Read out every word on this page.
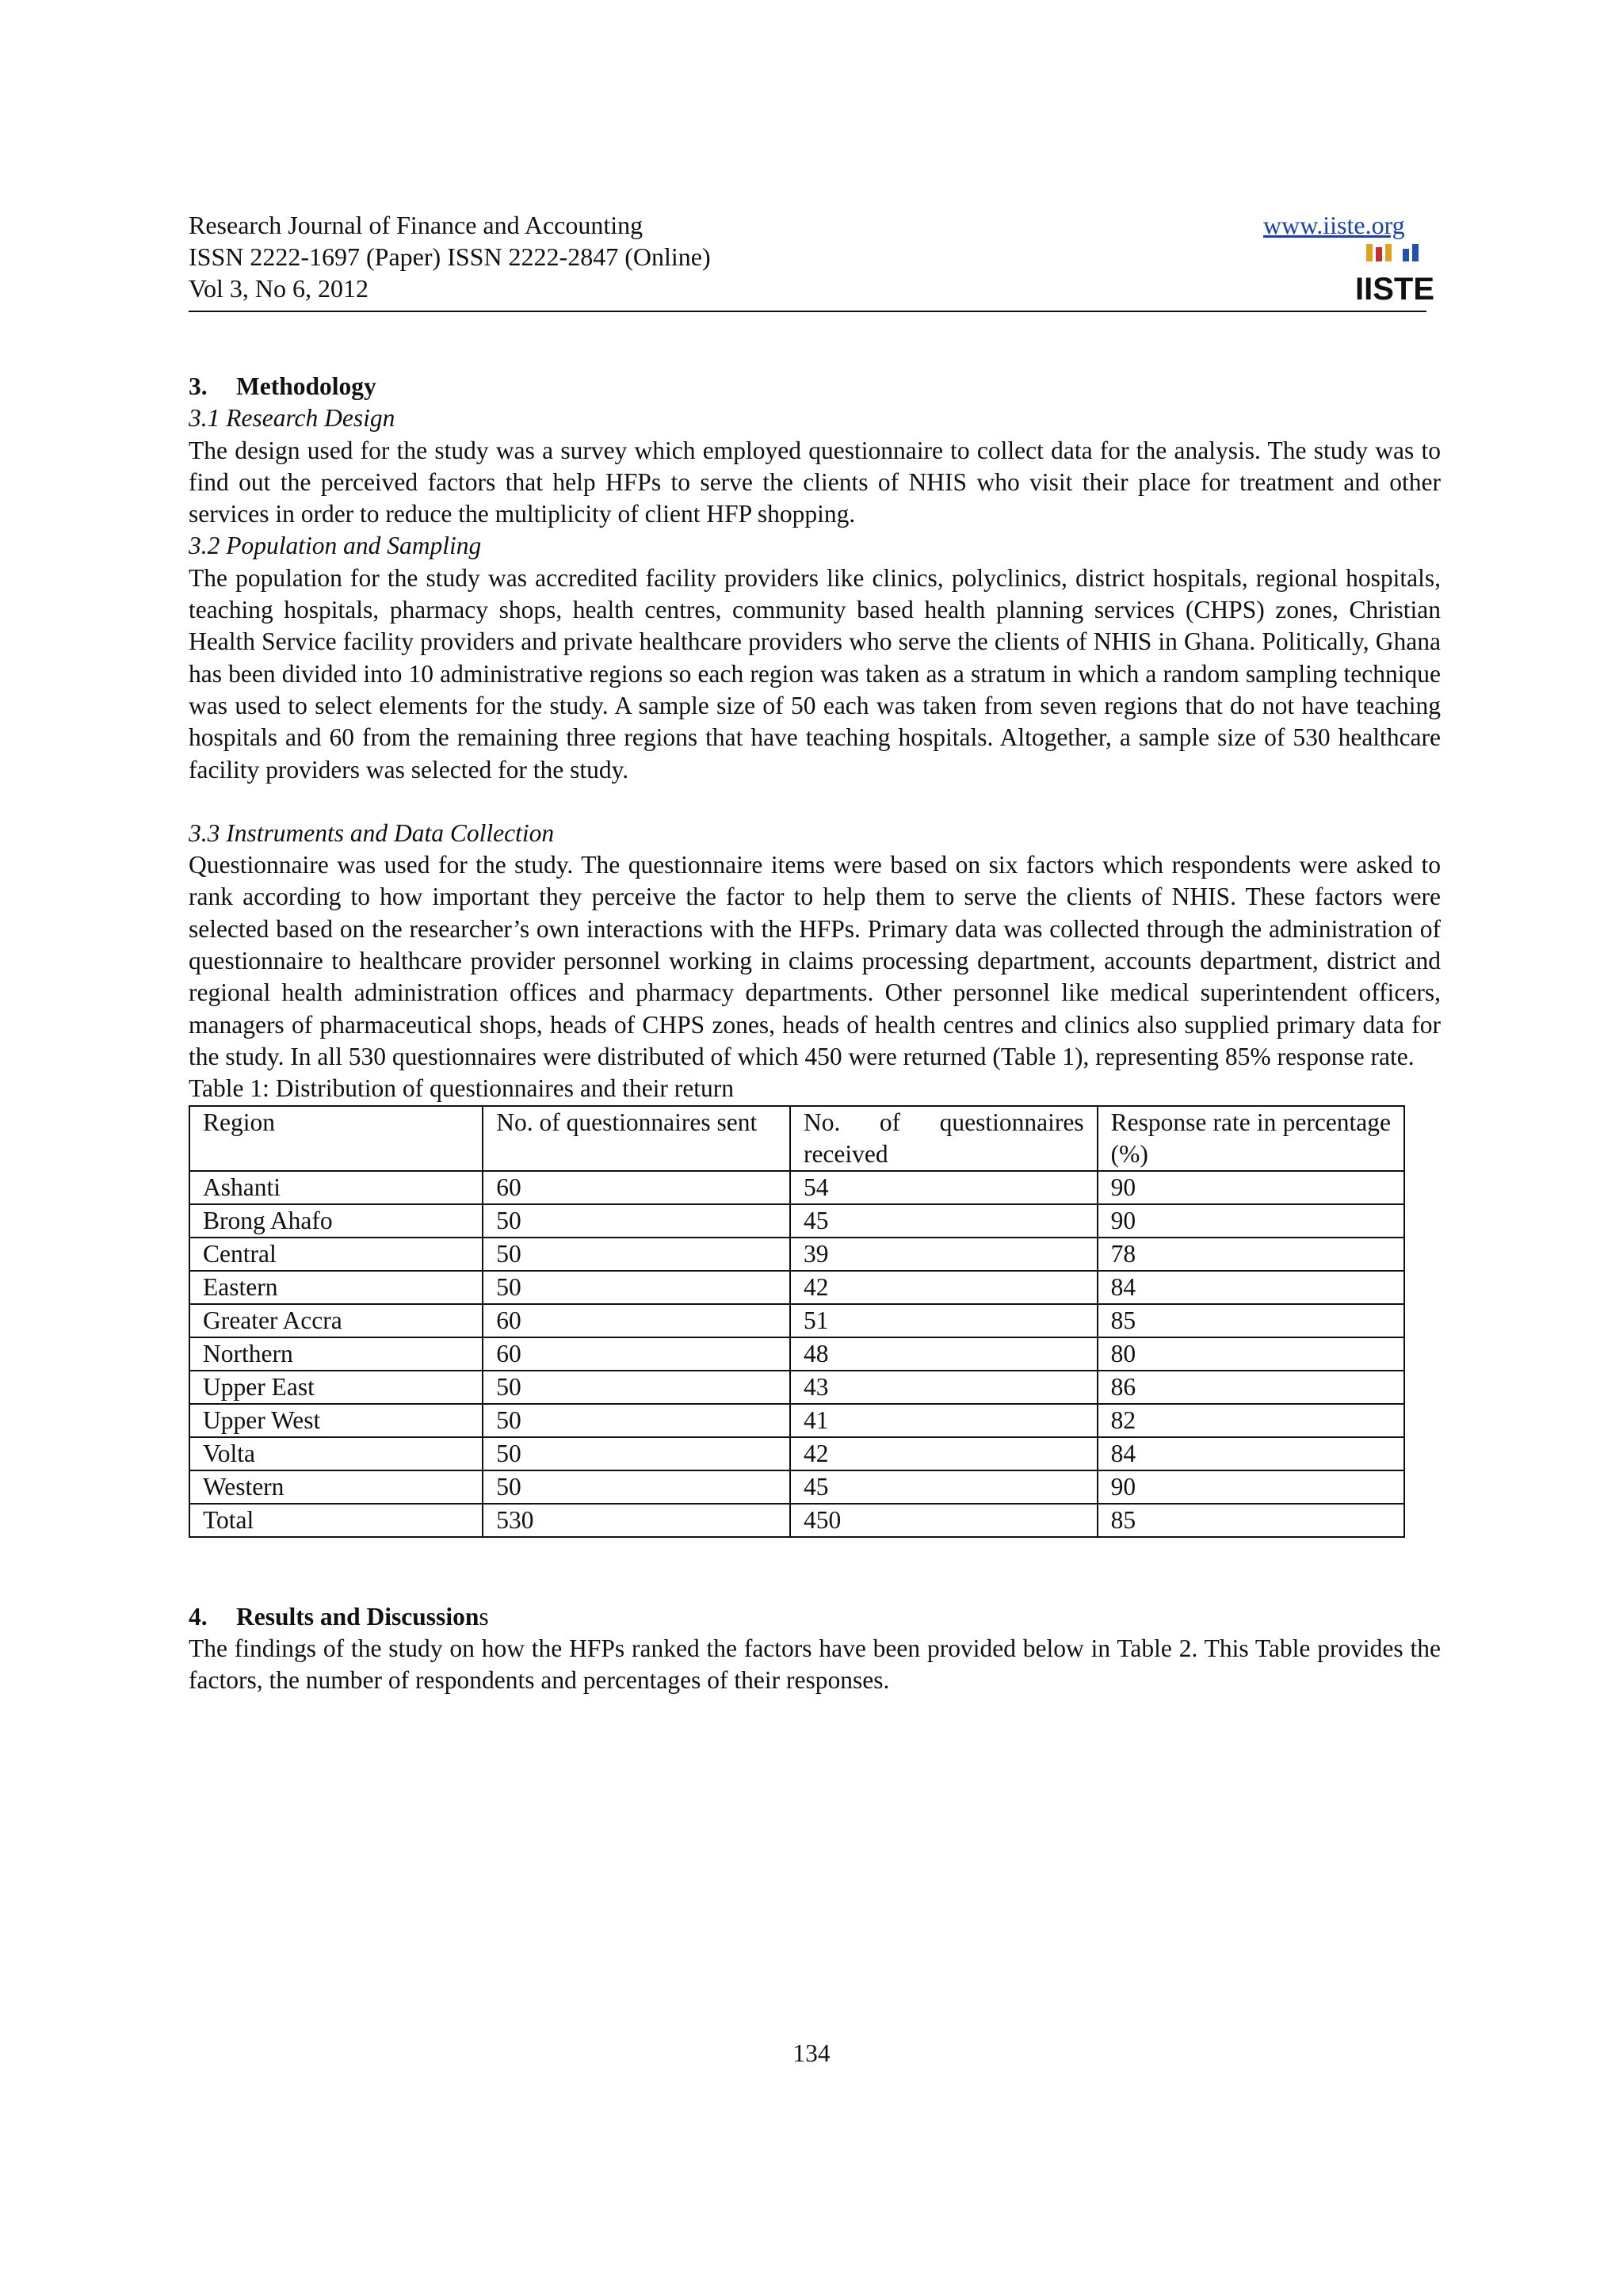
Research Journal of Finance and Accounting
ISSN 2222-1697 (Paper) ISSN 2222-2847 (Online)
Vol 3, No 6, 2012
www.iiste.org
IISTE

3. Methodology

3.1 Research Design

The design used for the study was a survey which employed questionnaire to collect data for the analysis. The study was to find out the perceived factors that help HFPs to serve the clients of NHIS who visit their place for treatment and other services in order to reduce the multiplicity of client HFP shopping.

3.2 Population and Sampling

The population for the study was accredited facility providers like clinics, polyclinics, district hospitals, regional hospitals, teaching hospitals, pharmacy shops, health centres, community based health planning services (CHPS) zones, Christian Health Service facility providers and private healthcare providers who serve the clients of NHIS in Ghana. Politically, Ghana has been divided into 10 administrative regions so each region was taken as a stratum in which a random sampling technique was used to select elements for the study. A sample size of 50 each was taken from seven regions that do not have teaching hospitals and 60 from the remaining three regions that have teaching hospitals. Altogether, a sample size of 530 healthcare facility providers was selected for the study.

3.3 Instruments and Data Collection

Questionnaire was used for the study. The questionnaire items were based on six factors which respondents were asked to rank according to how important they perceive the factor to help them to serve the clients of NHIS. These factors were selected based on the researcher’s own interactions with the HFPs. Primary data was collected through the administration of questionnaire to healthcare provider personnel working in claims processing department, accounts department, district and regional health administration offices and pharmacy departments. Other personnel like medical superintendent officers, managers of pharmaceutical shops, heads of CHPS zones, heads of health centres and clinics also supplied primary data for the study. In all 530 questionnaires were distributed of which 450 were returned (Table 1), representing 85% response rate.

Table 1: Distribution of questionnaires and their return

Region	No. of questionnaires sent	No. of questionnaires received	Response rate in percentage (%)
Ashanti	60	54	90
Brong Ahafo	50	45	90
Central	50	39	78
Eastern	50	42	84
Greater Accra	60	51	85
Northern	60	48	80
Upper East	50	43	86
Upper West	50	41	82
Volta	50	42	84
Western	50	45	90
Total	530	450	85

4. Results and Discussions

The findings of the study on how the HFPs ranked the factors have been provided below in Table 2. This Table provides the factors, the number of respondents and percentages of their responses.

134
